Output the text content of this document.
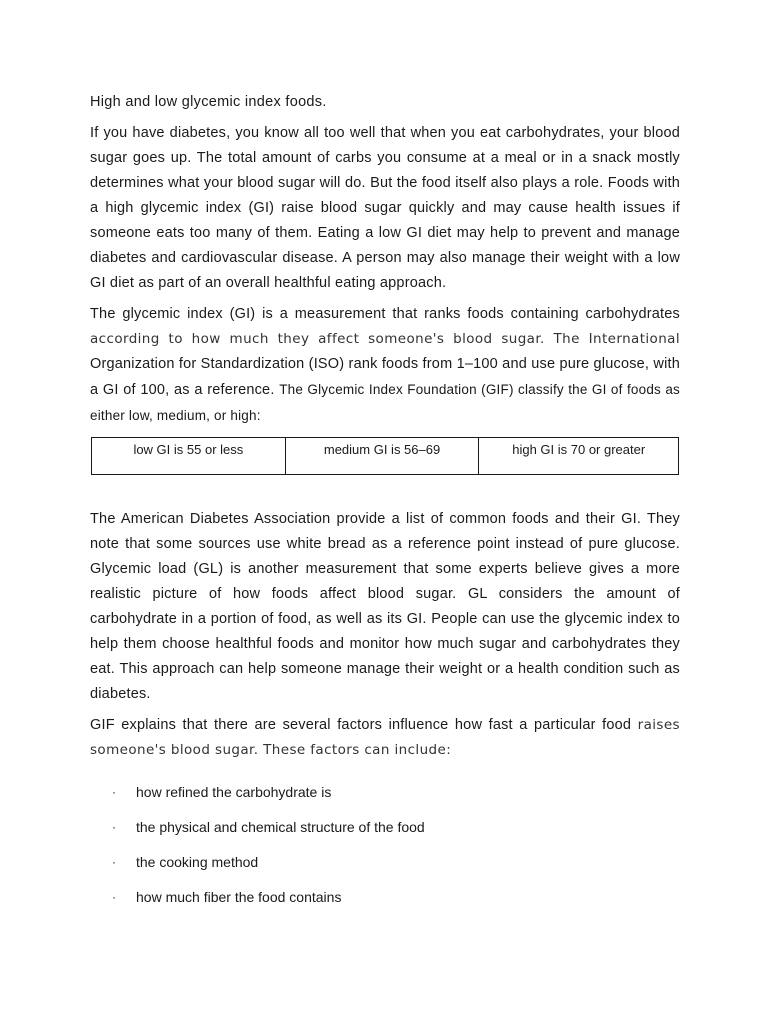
High and low glycemic index foods.

If you have diabetes, you know all too well that when you eat carbohydrates, your blood sugar goes up. The total amount of carbs you consume at a meal or in a snack mostly determines what your blood sugar will do. But the food itself also plays a role. Foods with a high glycemic index (GI) raise blood sugar quickly and may cause health issues if someone eats too many of them. Eating a low GI diet may help to prevent and manage diabetes and cardiovascular disease. A person may also manage their weight with a low GI diet as part of an overall healthful eating approach.

The glycemic index (GI) is a measurement that ranks foods containing carbohydrates according to how much they affect someone's blood sugar. The International Organization for Standardization (ISO) rank foods from 1–100 and use pure glucose, with a GI of 100, as a reference. The Glycemic Index Foundation (GIF) classify the GI of foods as either low, medium, or high:

low GI is 55 or less	medium GI is 56–69	high GI is 70 or greater

The American Diabetes Association provide a list of common foods and their GI. They note that some sources use white bread as a reference point instead of pure glucose. Glycemic load (GL) is another measurement that some experts believe gives a more realistic picture of how foods affect blood sugar. GL considers the amount of carbohydrate in a portion of food, as well as its GI. People can use the glycemic index to help them choose healthful foods and monitor how much sugar and carbohydrates they eat. This approach can help someone manage their weight or a health condition such as diabetes.

GIF explains that there are several factors influence how fast a particular food raises someone's blood sugar. These factors can include:

· how refined the carbohydrate is
· the physical and chemical structure of the food
· the cooking method
· how much fiber the food contains
